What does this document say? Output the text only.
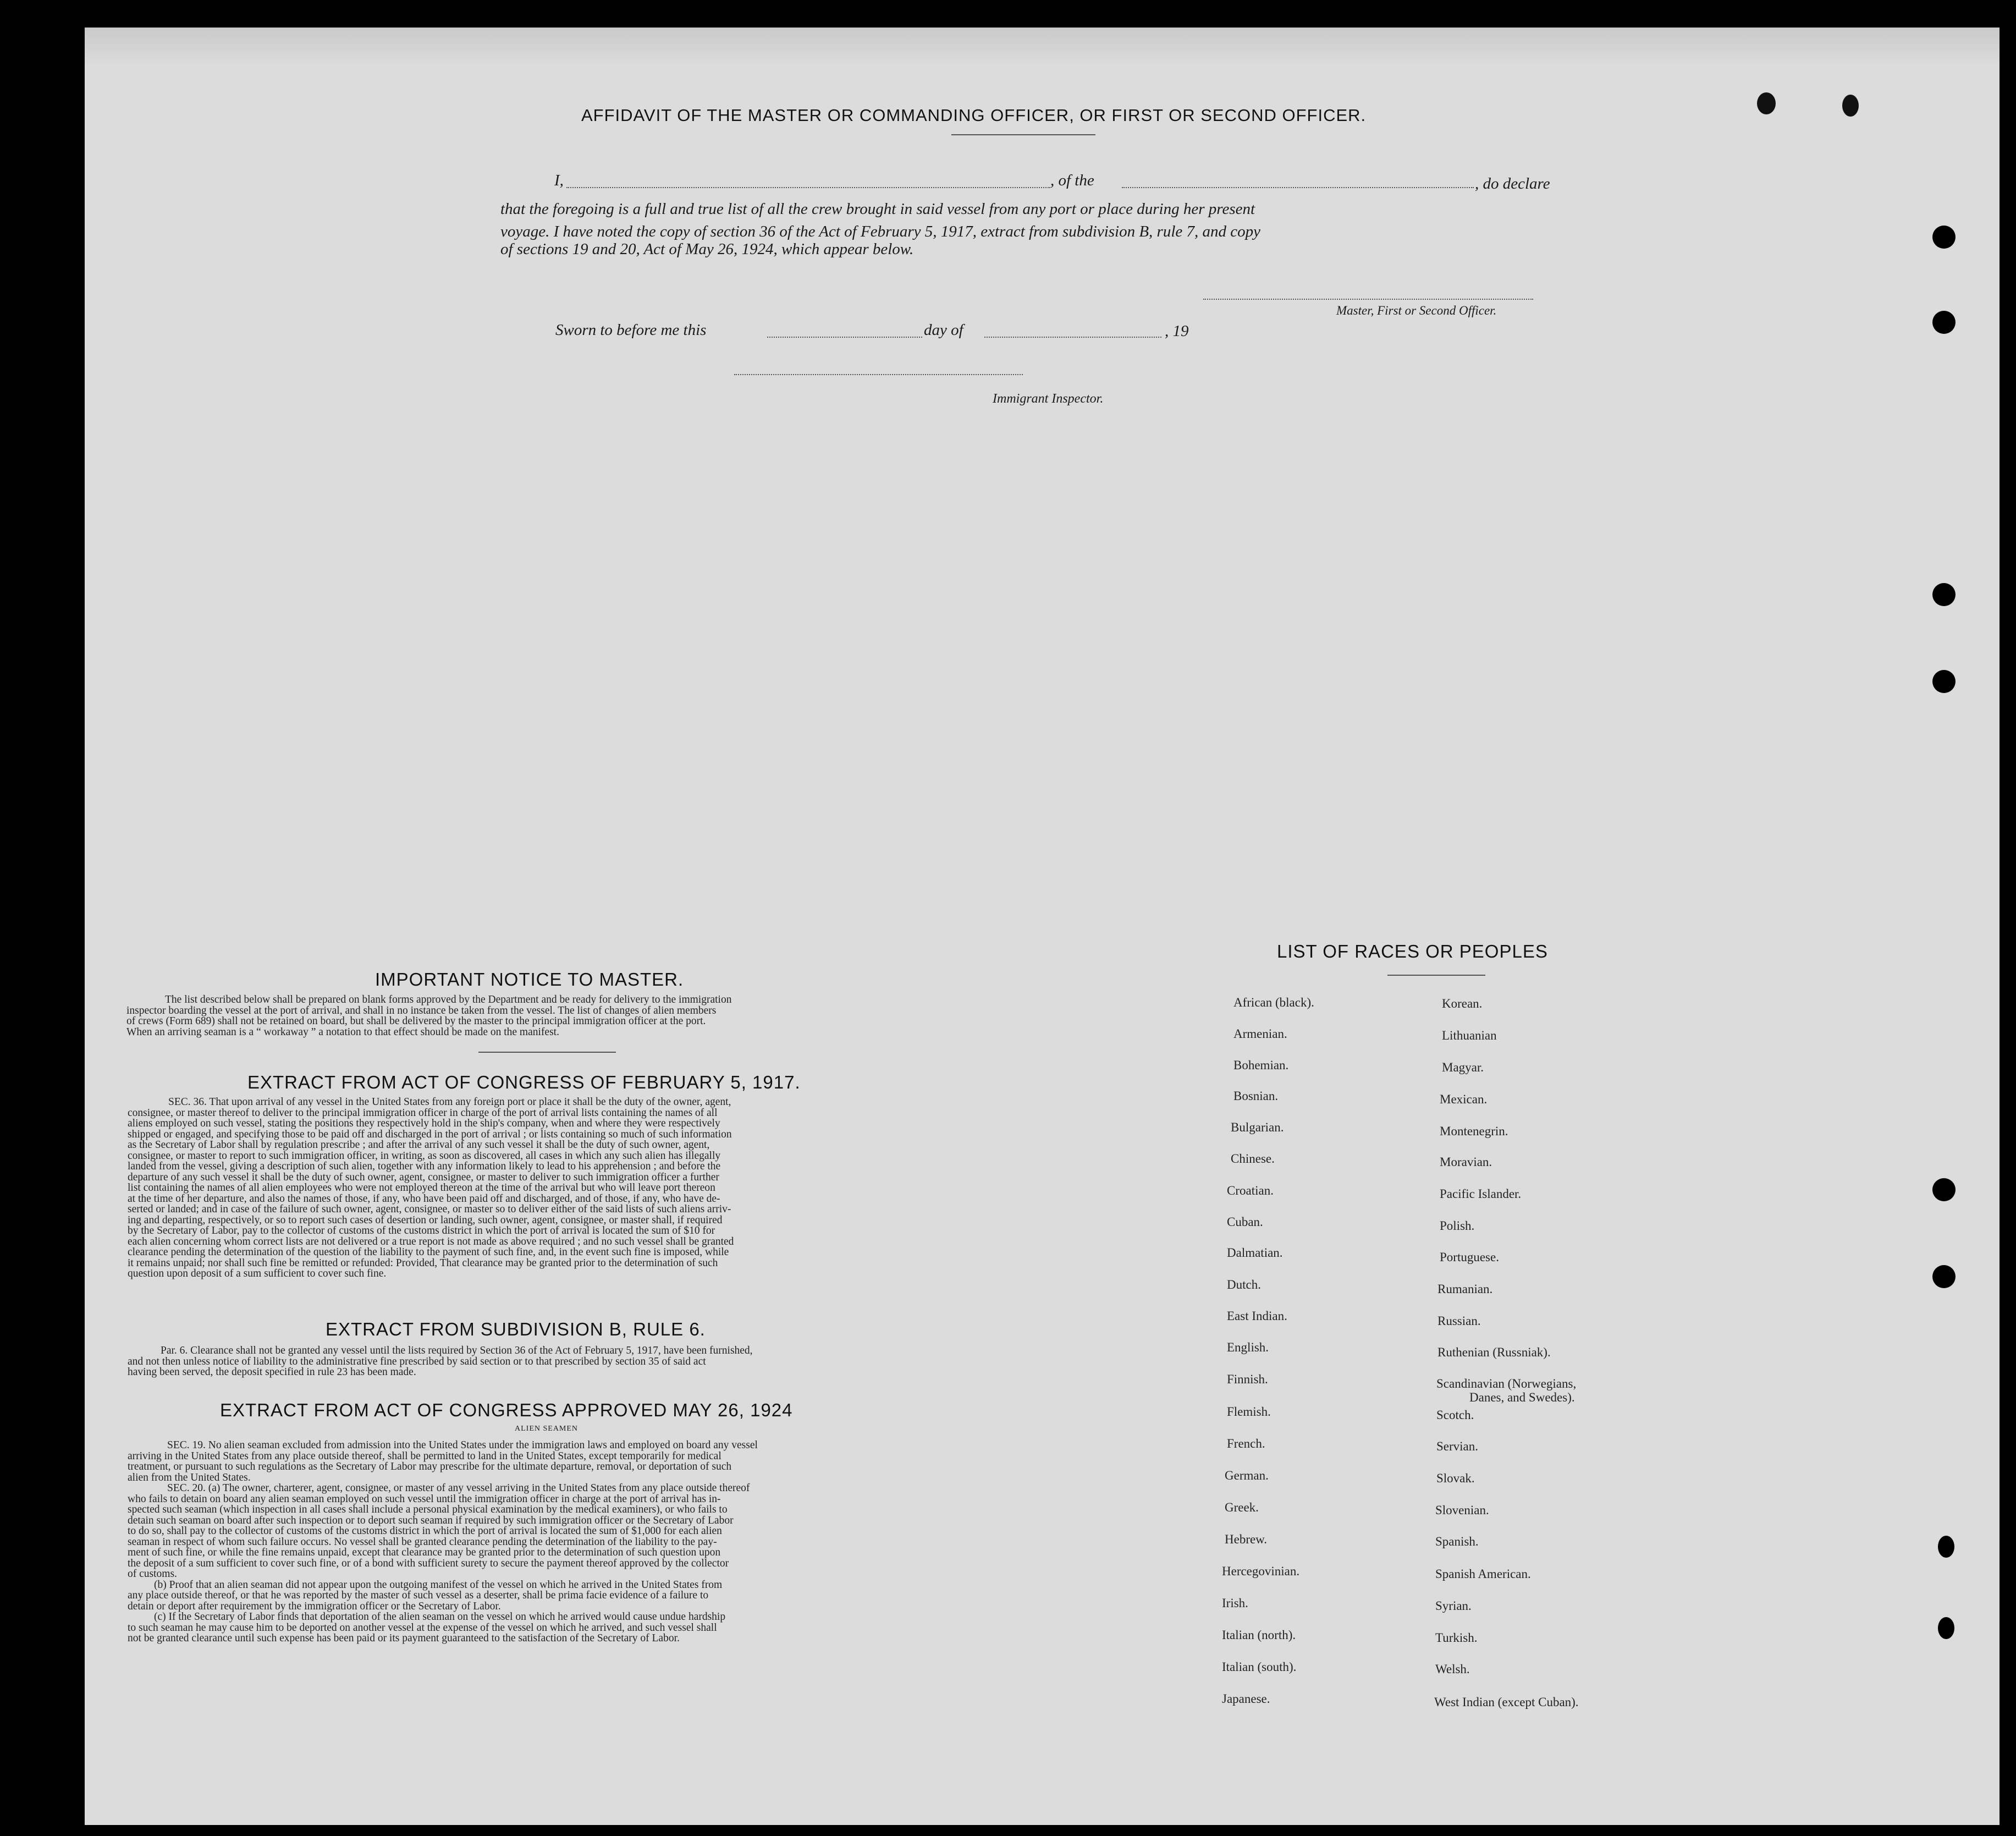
AFFIDAVIT OF THE MASTER OR COMMANDING OFFICER, OR FIRST OR SECOND OFFICER.
I,	, of the	, do declare
that the foregoing is a full and true list of all the crew brought in said vessel from any port or place during her present
voyage. I have noted the copy of section 36 of the Act of February 5, 1917, extract from subdivision B, rule 7, and copy
of sections 19 and 20, Act of May 26, 1924, which appear below.
Master, First or Second Officer.
Sworn to before me this	day of	, 19
Immigrant Inspector.
IMPORTANT NOTICE TO MASTER.
The list described below shall be prepared on blank forms approved by the Department and be ready for delivery to the immigration
inspector boarding the vessel at the port of arrival, and shall in no instance be taken from the vessel. The list of changes of alien members
of crews (Form 689) shall not be retained on board, but shall be delivered by the master to the principal immigration officer at the port.
When an arriving seaman is a “ workaway ” a notation to that effect should be made on the manifest.
EXTRACT FROM ACT OF CONGRESS OF FEBRUARY 5, 1917.
SEC. 36. That upon arrival of any vessel in the United States from any foreign port or place it shall be the duty of the owner, agent,
consignee, or master thereof to deliver to the principal immigration officer in charge of the port of arrival lists containing the names of all
aliens employed on such vessel, stating the positions they respectively hold in the ship's company, when and where they were respectively
shipped or engaged, and specifying those to be paid off and discharged in the port of arrival ; or lists containing so much of such information
as the Secretary of Labor shall by regulation prescribe ; and after the arrival of any such vessel it shall be the duty of such owner, agent,
consignee, or master to report to such immigration officer, in writing, as soon as discovered, all cases in which any such alien has illegally
landed from the vessel, giving a description of such alien, together with any information likely to lead to his apprehension ; and before the
departure of any such vessel it shall be the duty of such owner, agent, consignee, or master to deliver to such immigration officer a further
list containing the names of all alien employees who were not employed thereon at the time of the arrival but who will leave port thereon
at the time of her departure, and also the names of those, if any, who have been paid off and discharged, and of those, if any, who have de-
serted or landed; and in case of the failure of such owner, agent, consignee, or master so to deliver either of the said lists of such aliens arriv-
ing and departing, respectively, or so to report such cases of desertion or landing, such owner, agent, consignee, or master shall, if required
by the Secretary of Labor, pay to the collector of customs of the customs district in which the port of arrival is located the sum of $10 for
each alien concerning whom correct lists are not delivered or a true report is not made as above required ; and no such vessel shall be granted
clearance pending the determination of the question of the liability to the payment of such fine, and, in the event such fine is imposed, while
it remains unpaid; nor shall such fine be remitted or refunded: Provided, That clearance may be granted prior to the determination of such
question upon deposit of a sum sufficient to cover such fine.
EXTRACT FROM SUBDIVISION B, RULE 6.
Par. 6. Clearance shall not be granted any vessel until the lists required by Section 36 of the Act of February 5, 1917, have been furnished,
and not then unless notice of liability to the administrative fine prescribed by said section or to that prescribed by section 35 of said act
having been served, the deposit specified in rule 23 has been made.
EXTRACT FROM ACT OF CONGRESS APPROVED MAY 26, 1924
ALIEN SEAMEN
SEC. 19. No alien seaman excluded from admission into the United States under the immigration laws and employed on board any vessel
arriving in the United States from any place outside thereof, shall be permitted to land in the United States, except temporarily for medical
treatment, or pursuant to such regulations as the Secretary of Labor may prescribe for the ultimate departure, removal, or deportation of such
alien from the United States.
SEC. 20. (a) The owner, charterer, agent, consignee, or master of any vessel arriving in the United States from any place outside thereof
who fails to detain on board any alien seaman employed on such vessel until the immigration officer in charge at the port of arrival has in-
spected such seaman (which inspection in all cases shall include a personal physical examination by the medical examiners), or who fails to
detain such seaman on board after such inspection or to deport such seaman if required by such immigration officer or the Secretary of Labor
to do so, shall pay to the collector of customs of the customs district in which the port of arrival is located the sum of $1,000 for each alien
seaman in respect of whom such failure occurs. No vessel shall be granted clearance pending the determination of the liability to the pay-
ment of such fine, or while the fine remains unpaid, except that clearance may be granted prior to the determination of such question upon
the deposit of a sum sufficient to cover such fine, or of a bond with sufficient surety to secure the payment thereof approved by the collector
of customs.
(b) Proof that an alien seaman did not appear upon the outgoing manifest of the vessel on which he arrived in the United States from
any place outside thereof, or that he was reported by the master of such vessel as a deserter, shall be prima facie evidence of a failure to
detain or deport after requirement by the immigration officer or the Secretary of Labor.
(c) If the Secretary of Labor finds that deportation of the alien seaman on the vessel on which he arrived would cause undue hardship
to such seaman he may cause him to be deported on another vessel at the expense of the vessel on which he arrived, and such vessel shall
not be granted clearance until such expense has been paid or its payment guaranteed to the satisfaction of the Secretary of Labor.
LIST OF RACES OR PEOPLES
African (black).
Armenian.
Bohemian.
Bosnian.
Bulgarian.
Chinese.
Croatian.
Cuban.
Dalmatian.
Dutch.
East Indian.
English.
Finnish.
Flemish.
French.
German.
Greek.
Hebrew.
Hercegovinian.
Irish.
Italian (north).
Italian (south).
Japanese.
Korean.
Lithuanian
Magyar.
Mexican.
Montenegrin.
Moravian.
Pacific Islander.
Polish.
Portuguese.
Rumanian.
Russian.
Ruthenian (Russniak).
Scandinavian (Norwegians,
Danes, and Swedes).
Scotch.
Servian.
Slovak.
Slovenian.
Spanish.
Spanish American.
Syrian.
Turkish.
Welsh.
West Indian (except Cuban).
